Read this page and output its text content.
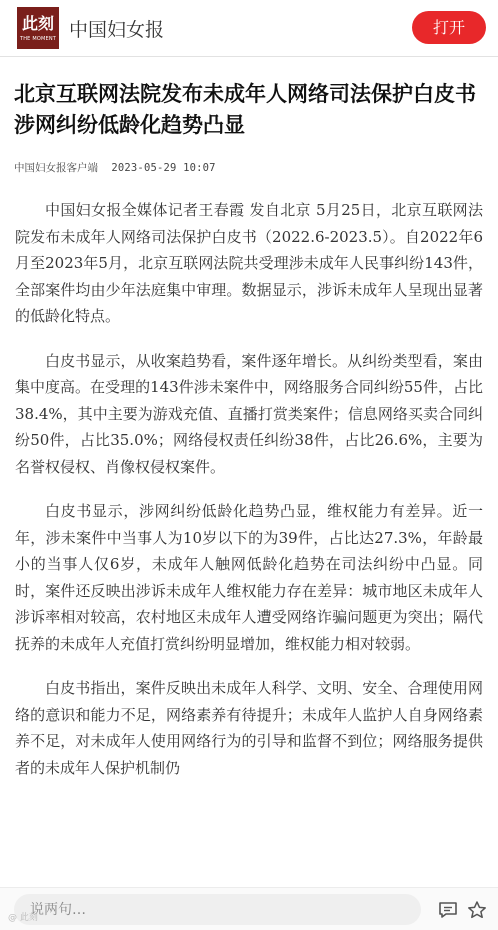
此刻
THE MOMENT 中国妇女报	打开
北京互联网法院发布未成年人网络司法保护白皮书 涉网纠纷低龄化趋势凸显
中国妇女报客户端 2023-05-29 10:07

中国妇女报全媒体记者王春霞 发自北京 5月25日，北京互联网法院发布未成年人网络司法保护白皮书（2022.6-2023.5）。自2022年6月至2023年5月，北京互联网法院共受理涉未成年人民事纠纷143件，全部案件均由少年法庭集中审理。数据显示，涉诉未成年人呈现出显著的低龄化特点。

白皮书显示，从收案趋势看，案件逐年增长。从纠纷类型看，案由集中度高。在受理的143件涉未案件中，网络服务合同纠纷55件，占比38.4%，其中主要为游戏充值、直播打赏类案件；信息网络买卖合同纠纷50件，占比35.0%；网络侵权责任纠纷38件，占比26.6%，主要为名誉权侵权、肖像权侵权案件。

白皮书显示，涉网纠纷低龄化趋势凸显，维权能力有差异。近一年，涉未案件中当事人为10岁以下的为39件，占比达27.3%，年龄最小的当事人仅6岁，未成年人触网低龄化趋势在司法纠纷中凸显。同时，案件还反映出涉诉未成年人维权能力存在差异：城市地区未成年人涉诉率相对较高，农村地区未成年人遭受网络诈骗问题更为突出；隔代抚养的未成年人充值打赏纠纷明显增加，维权能力相对较弱。

白皮书指出，案件反映出未成年人科学、文明、安全、合理使用网络的意识和能力不足，网络素养有待提升；未成年人监护人自身网络素养不足，对未成年人使用网络行为的引导和监督不到位；网络服务提供者的未成年人保护机制仍

说两句…
@ 此刻
